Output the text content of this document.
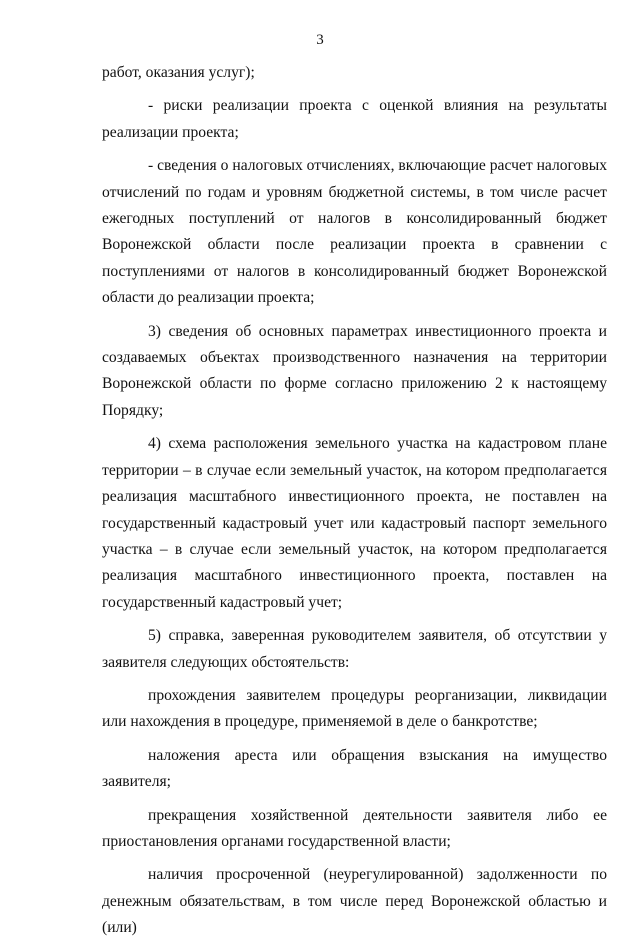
3

работ, оказания услуг);

- риски реализации проекта с оценкой влияния на результаты реализации проекта;

- сведения о налоговых отчислениях, включающие расчет налоговых отчислений по годам и уровням бюджетной системы, в том числе расчет ежегодных поступлений от налогов в консолидированный бюджет Воронежской области после реализации проекта в сравнении с поступлениями от налогов в консолидированный бюджет Воронежской области до реализации проекта;

3) сведения об основных параметрах инвестиционного проекта и создаваемых объектах производственного назначения на территории Воронежской области по форме согласно приложению 2 к настоящему Порядку;

4) схема расположения земельного участка на кадастровом плане территории – в случае если земельный участок, на котором предполагается реализация масштабного инвестиционного проекта, не поставлен на государственный кадастровый учет или кадастровый паспорт земельного участка – в случае если земельный участок, на котором предполагается реализация масштабного инвестиционного проекта, поставлен на государственный кадастровый учет;

5) справка, заверенная руководителем заявителя, об отсутствии у заявителя следующих обстоятельств:

прохождения заявителем процедуры реорганизации, ликвидации или нахождения в процедуре, применяемой в деле о банкротстве;

наложения ареста или обращения взыскания на имущество заявителя;

прекращения хозяйственной деятельности заявителя либо ее приостановления органами государственной власти;

наличия просроченной (неурегулированной) задолженности по денежным обязательствам, в том числе перед Воронежской областью и (или)
